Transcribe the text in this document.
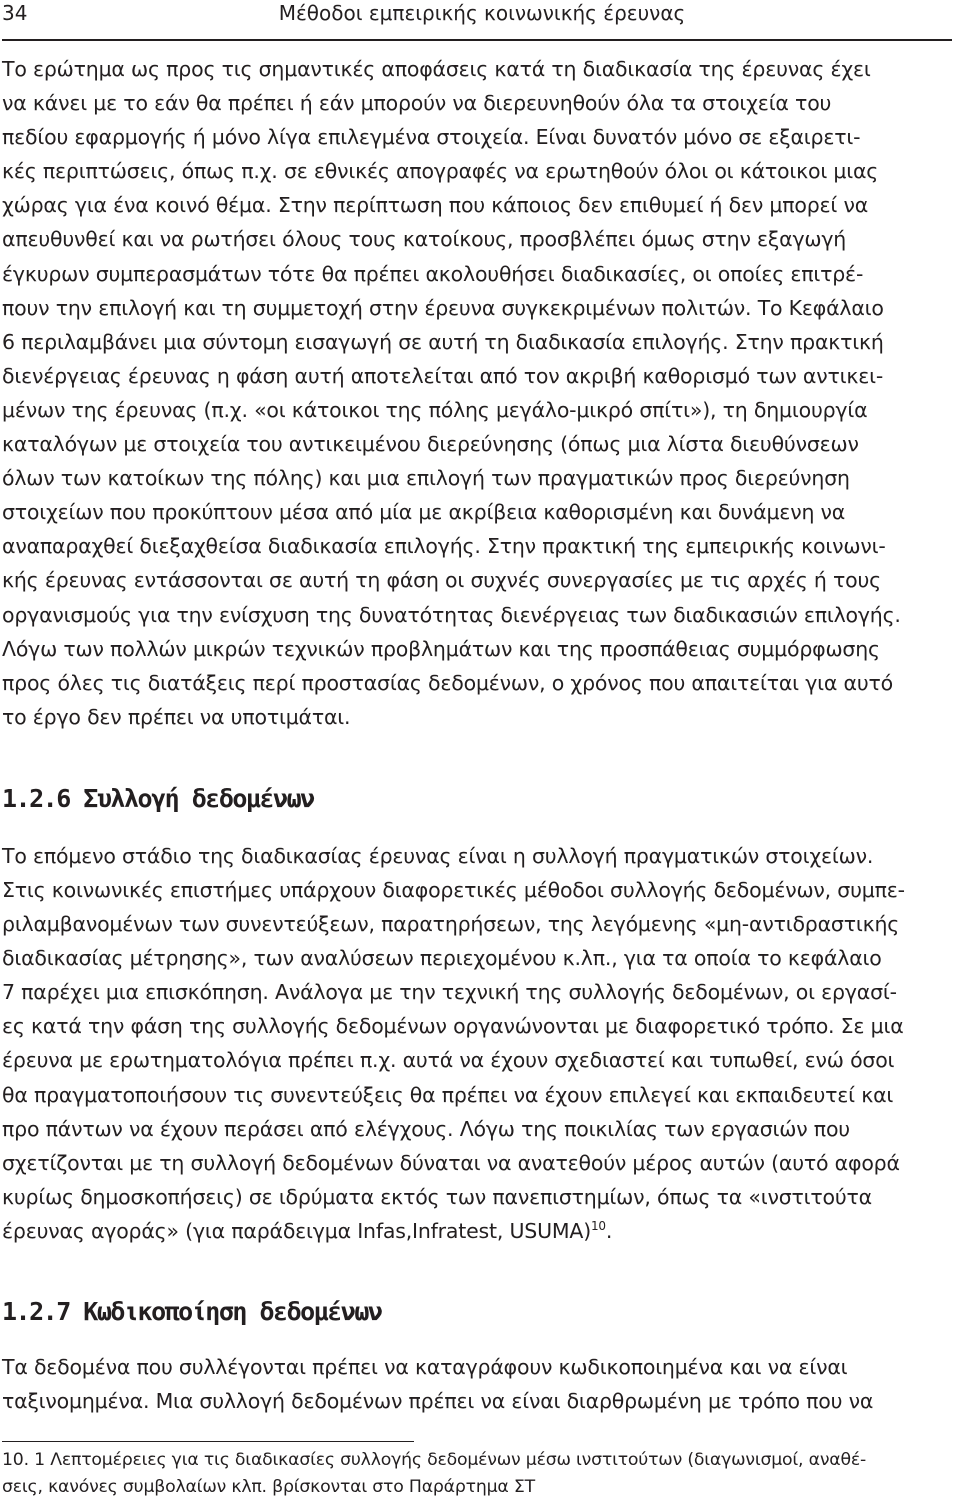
34	Μέθοδοι εμπειρικής κοινωνικής έρευνας
Το ερώτημα ως προς τις σημαντικές αποφάσεις κατά τη διαδικασία της έρευνας έχει
να κάνει με το εάν θα πρέπει ή εάν μπορούν να διερευνηθούν όλα τα στοιχεία του
πεδίου εφαρμογής ή μόνο λίγα επιλεγμένα στοιχεία. Είναι δυνατόν μόνο σε εξαιρετι-
κές περιπτώσεις, όπως π.χ. σε εθνικές απογραφές να ερωτηθούν όλοι οι κάτοικοι μιας
χώρας για ένα κοινό θέμα. Στην περίπτωση που κάποιος δεν επιθυμεί ή δεν μπορεί να
απευθυνθεί και να ρωτήσει όλους τους κατοίκους, προσβλέπει όμως στην εξαγωγή
έγκυρων συμπερασμάτων τότε θα πρέπει ακολουθήσει διαδικασίες, οι οποίες επιτρέ-
πουν την επιλογή και τη συμμετοχή στην έρευνα συγκεκριμένων πολιτών. Το Κεφάλαιο
6 περιλαμβάνει μια σύντομη εισαγωγή σε αυτή τη διαδικασία επιλογής. Στην πρακτική
διενέργειας έρευνας η φάση αυτή αποτελείται από τον ακριβή καθορισμό των αντικει-
μένων της έρευνας (π.χ. «οι κάτοικοι της πόλης μεγάλο-μικρό σπίτι»), τη δημιουργία
καταλόγων με στοιχεία του αντικειμένου διερεύνησης (όπως μια λίστα διευθύνσεων
όλων των κατοίκων της πόλης) και μια επιλογή των πραγματικών προς διερεύνηση
στοιχείων που προκύπτουν μέσα από μία με ακρίβεια καθορισμένη και δυνάμενη να
αναπαραχθεί διεξαχθείσα διαδικασία επιλογής. Στην πρακτική της εμπειρικής κοινωνι-
κής έρευνας εντάσσονται σε αυτή τη φάση οι συχνές συνεργασίες με τις αρχές ή τους
οργανισμούς για την ενίσχυση της δυνατότητας διενέργειας των διαδικασιών επιλογής.
Λόγω των πολλών μικρών τεχνικών προβλημάτων και της προσπάθειας συμμόρφωσης
προς όλες τις διατάξεις περί προστασίας δεδομένων, ο χρόνος που απαιτείται για αυτό
το έργο δεν πρέπει να υποτιμάται.
1.2.6 Συλλογή δεδομένων
Το επόμενο στάδιο της διαδικασίας έρευνας είναι η συλλογή πραγματικών στοιχείων.
Στις κοινωνικές επιστήμες υπάρχουν διαφορετικές μέθοδοι συλλογής δεδομένων, συμπε-
ριλαμβανομένων των συνεντεύξεων, παρατηρήσεων, της λεγόμενης «μη-αντιδραστικής
διαδικασίας μέτρησης», των αναλύσεων περιεχομένου κ.λπ., για τα οποία το κεφάλαιο
7 παρέχει μια επισκόπηση. Ανάλογα με την τεχνική της συλλογής δεδομένων, οι εργασί-
ες κατά την φάση της συλλογής δεδομένων οργανώνονται με διαφορετικό τρόπο. Σε μια
έρευνα με ερωτηματολόγια πρέπει π.χ. αυτά να έχουν σχεδιαστεί και τυπωθεί, ενώ όσοι
θα πραγματοποιήσουν τις συνεντεύξεις θα πρέπει να έχουν επιλεγεί και εκπαιδευτεί και
προ πάντων να έχουν περάσει από ελέγχους. Λόγω της ποικιλίας των εργασιών που
σχετίζονται με τη συλλογή δεδομένων δύναται να ανατεθούν μέρος αυτών (αυτό αφορά
κυρίως δημοσκοπήσεις) σε ιδρύματα εκτός των πανεπιστημίων, όπως τα «ινστιτούτα
έρευνας αγοράς» (για παράδειγμα Infas,Infratest, USUMA)$^{10}$.
1.2.7 Κωδικοποίηση δεδομένων
Τα δεδομένα που συλλέγονται πρέπει να καταγράφουν κωδικοποιημένα και να είναι
ταξινομημένα. Μια συλλογή δεδομένων πρέπει να είναι διαρθρωμένη με τρόπο που να
10. 1 Λεπτομέρειες για τις διαδικασίες συλλογής δεδομένων μέσω ινστιτούτων (διαγωνισμοί, αναθέ-
σεις, κανόνες συμβολαίων κλπ. βρίσκονται στο Παράρτημα ΣΤ
